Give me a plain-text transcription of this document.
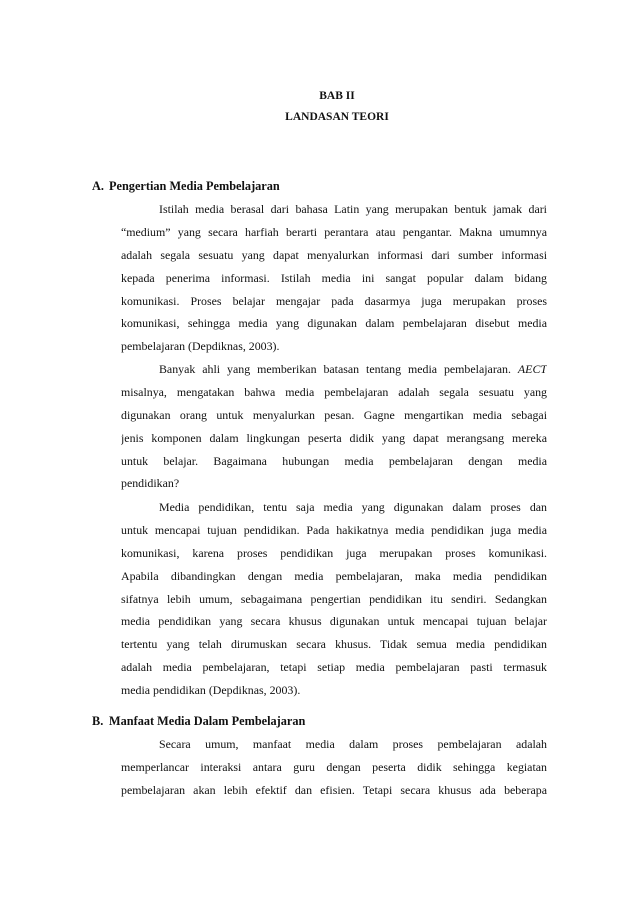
BAB II

LANDASAN TEORI

A. Pengertian Media Pembelajaran

Istilah media berasal dari bahasa Latin yang merupakan bentuk jamak dari
“medium” yang secara harfiah berarti perantara atau pengantar. Makna umumnya
adalah segala sesuatu yang dapat menyalurkan informasi dari sumber informasi
kepada penerima informasi. Istilah media ini sangat popular dalam bidang
komunikasi. Proses belajar mengajar pada dasarmya juga merupakan proses
komunikasi, sehingga media yang digunakan dalam pembelajaran disebut media
pembelajaran (Depdiknas, 2003).
Banyak ahli yang memberikan batasan tentang media pembelajaran. AECT
misalnya, mengatakan bahwa media pembelajaran adalah segala sesuatu yang
digunakan orang untuk menyalurkan pesan. Gagne mengartikan media sebagai
jenis komponen dalam lingkungan peserta didik yang dapat merangsang mereka
untuk belajar. Bagaimana hubungan media pembelajaran dengan media
pendidikan?
Media pendidikan, tentu saja media yang digunakan dalam proses dan
untuk mencapai tujuan pendidikan. Pada hakikatnya media pendidikan juga media
komunikasi, karena proses pendidikan juga merupakan proses komunikasi.
Apabila dibandingkan dengan media pembelajaran, maka media pendidikan
sifatnya lebih umum, sebagaimana pengertian pendidikan itu sendiri. Sedangkan
media pendidikan yang secara khusus digunakan untuk mencapai tujuan belajar
tertentu yang telah dirumuskan secara khusus. Tidak semua media pendidikan
adalah media pembelajaran, tetapi setiap media pembelajaran pasti termasuk
media pendidikan (Depdiknas, 2003).

B. Manfaat Media Dalam Pembelajaran

Secara umum, manfaat media dalam proses pembelajaran adalah
memperlancar interaksi antara guru dengan peserta didik sehingga kegiatan
pembelajaran akan lebih efektif dan efisien. Tetapi secara khusus ada beberapa
